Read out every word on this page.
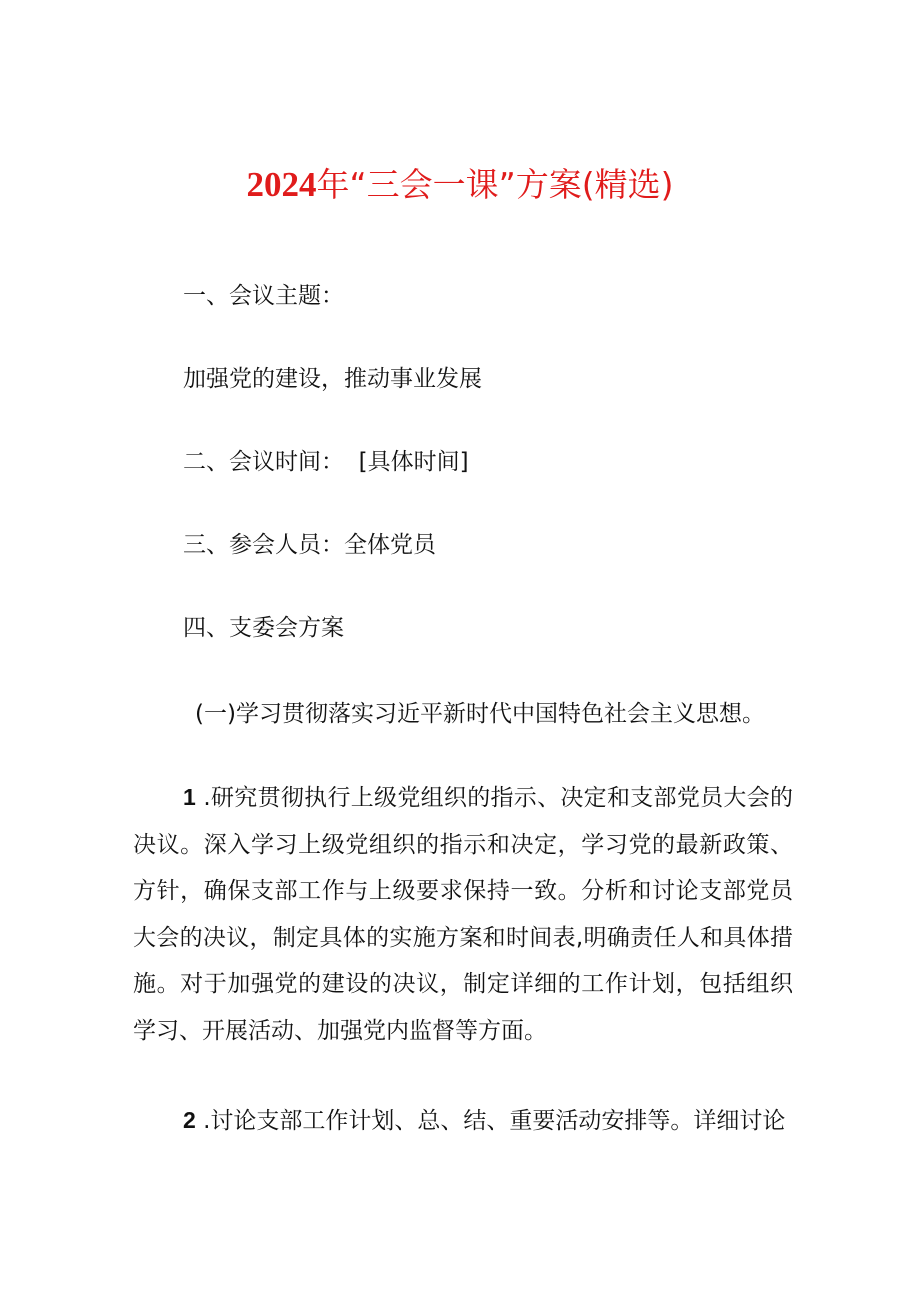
2024年“三会一课”方案(精选)
一、会议主题：
加强党的建设，推动事业发展
二、会议时间：  [具体时间]
三、参会人员：全体党员
四、支委会方案
(一)学习贯彻落实习近平新时代中国特色社会主义思想。
1 .研究贯彻执行上级党组织的指示、决定和支部党员大会的决议。深入学习上级党组织的指示和决定，学习党的最新政策、方针，确保支部工作与上级要求保持一致。分析和讨论支部党员大会的决议，制定具体的实施方案和时间表,明确责任人和具体措施。对于加强党的建设的决议，制定详细的工作计划，包括组织学习、开展活动、加强党内监督等方面。
2 .讨论支部工作计划、总、结、重要活动安排等。详细讨论
